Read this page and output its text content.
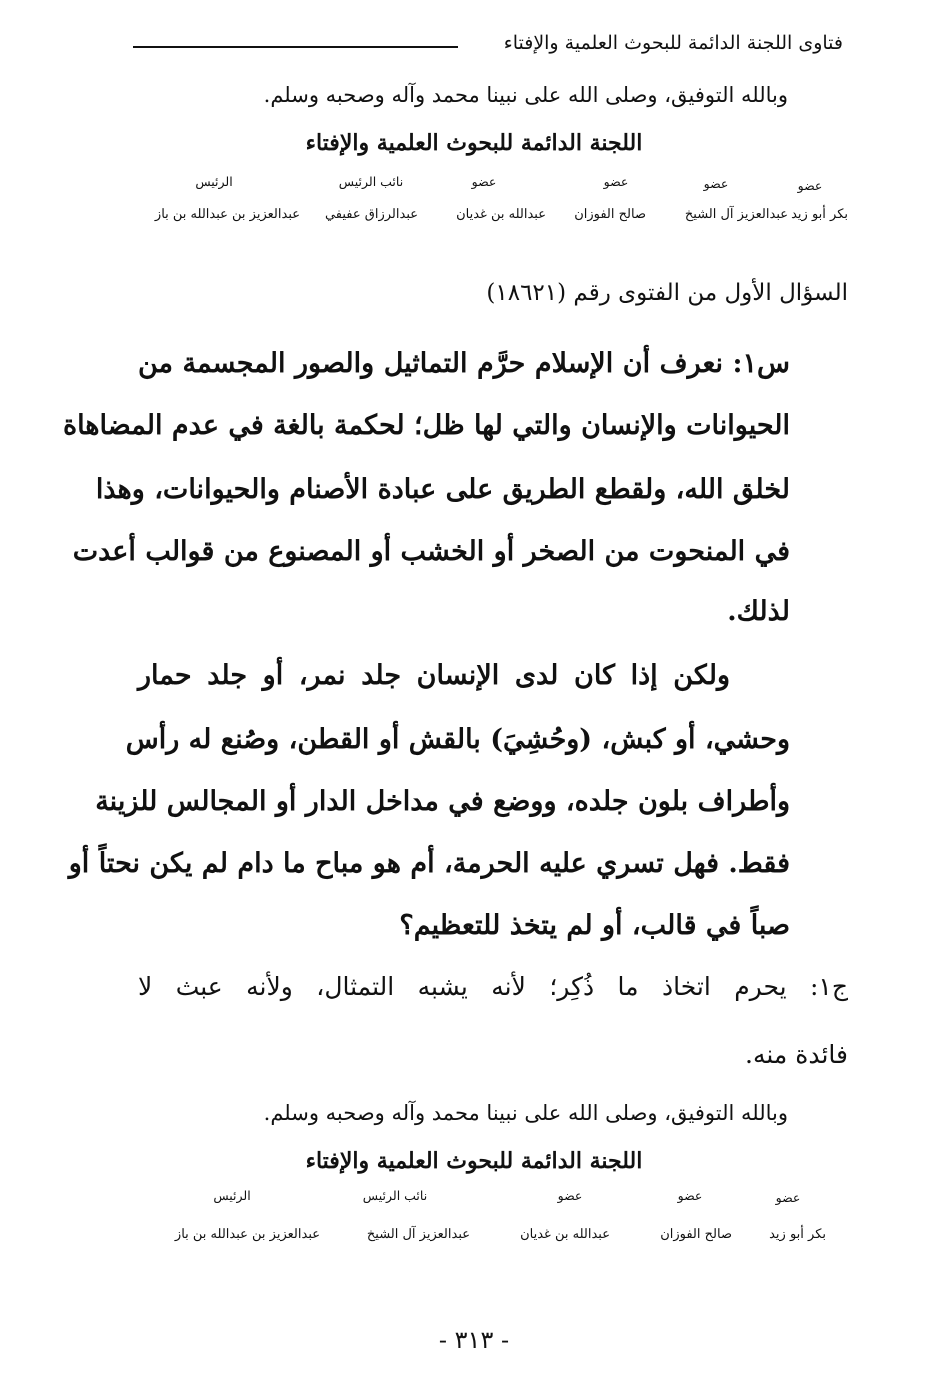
فتاوى اللجنة الدائمة للبحوث العلمية والإفتاء
وبالله التوفيق، وصلى الله على نبينا محمد وآله وصحبه وسلم.
اللجنة الدائمة للبحوث العلمية والإفتاء
عضو
عضو
عضو
عضو
نائب الرئيس
الرئيس
بكر أبو زيد
عبدالعزيز آل الشيخ
صالح الفوزان
عبدالله بن غديان
عبدالرزاق عفيفي
عبدالعزيز بن عبدالله بن باز
السؤال الأول من الفتوى رقم (١٨٦٢١)
س١: نعرف أن الإسلام حرَّم التماثيل والصور المجسمة من
الحيوانات والإنسان والتي لها ظل؛ لحكمة بالغة في عدم المضاهاة
لخلق الله، ولقطع الطريق على عبادة الأصنام والحيوانات، وهذا
في المنحوت من الصخر أو الخشب أو المصنوع من قوالب أعدت
لذلك.
ولكن إذا كان لدى الإنسان جلد نمر، أو جلد حمار
وحشي، أو كبش، (وحُشِيَ) بالقش أو القطن، وصُنع له رأس
وأطراف بلون جلده، ووضع في مداخل الدار أو المجالس للزينة
فقط. فهل تسري عليه الحرمة، أم هو مباح ما دام لم يكن نحتاً أو
صباً في قالب، أو لم يتخذ للتعظيم؟
ج١: يحرم اتخاذ ما ذُكِر؛ لأنه يشبه التمثال، ولأنه عبث لا
فائدة منه.
وبالله التوفيق، وصلى الله على نبينا محمد وآله وصحبه وسلم.
اللجنة الدائمة للبحوث العلمية والإفتاء
عضو
عضو
عضو
نائب الرئيس
الرئيس
بكر أبو زيد
صالح الفوزان
عبدالله بن غديان
عبدالعزيز آل الشيخ
عبدالعزيز بن عبدالله بن باز
- ٣١٣ -
